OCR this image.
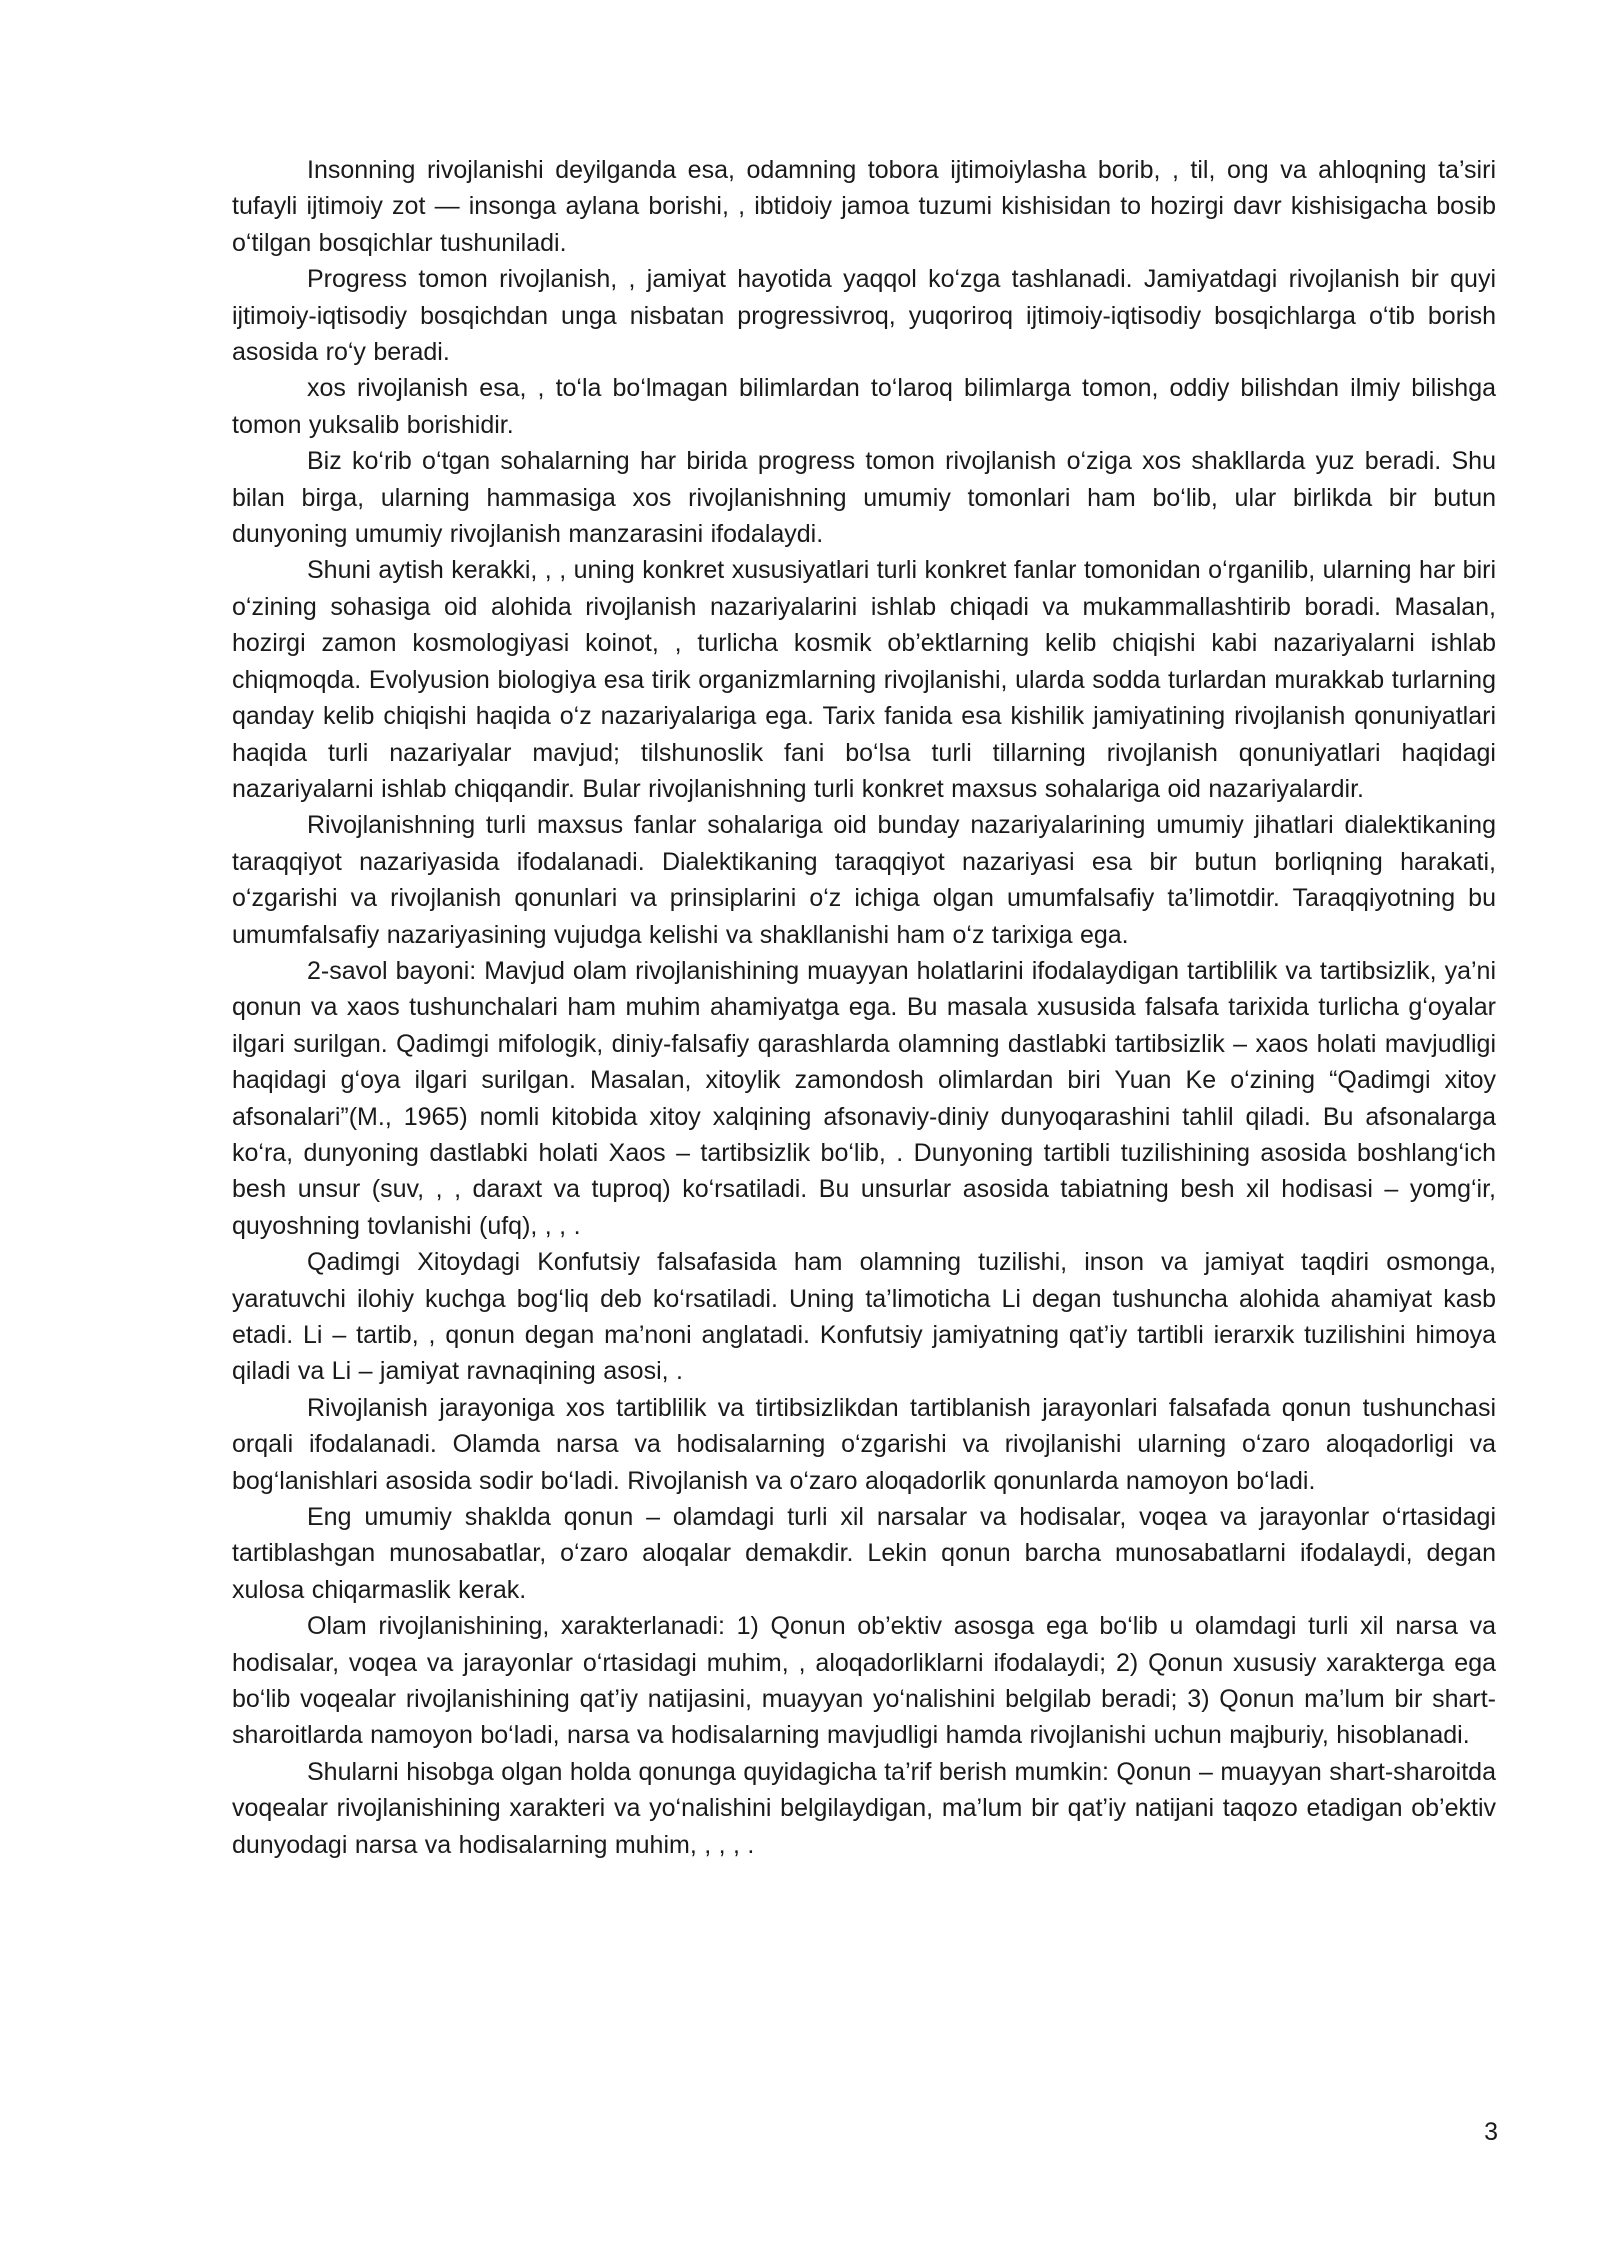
Insonning rivojlanishi deyilganda esa, odamning tobora ijtimoiylasha borib, , til, ong va ahloqning ta’siri tufayli ijtimoiy zot — insonga aylana borishi, , ibtidoiy jamoa tuzumi kishisidan to hozirgi davr kishisigacha bosib o‘tilgan bosqichlar tushuniladi.

Progress tomon rivojlanish, , jamiyat hayotida yaqqol ko‘zga tashlanadi. Jamiyatdagi rivojlanish bir quyi ijtimoiy-iqtisodiy bosqichdan unga nisbatan progressivroq, yuqoriroq ijtimoiy-iqtisodiy bosqichlarga o‘tib borish asosida ro‘y beradi.

xos rivojlanish esa, , to‘la bo‘lmagan bilimlardan to‘laroq bilimlarga tomon, oddiy bilishdan ilmiy bilishga tomon yuksalib borishidir.

Biz ko‘rib o‘tgan sohalarning har birida progress tomon rivojlanish o‘ziga xos shakllarda yuz beradi. Shu bilan birga, ularning hammasiga xos rivojlanishning umumiy tomonlari ham bo‘lib, ular birlikda bir butun dunyoning umumiy rivojlanish manzarasini ifodalaydi.

Shuni aytish kerakki, , , uning konkret xususiyatlari turli konkret fanlar tomonidan o‘rganilib, ularning har biri o‘zining sohasiga oid alohida rivojlanish nazariyalarini ishlab chiqadi va mukammallashtirib boradi. Masalan, hozirgi zamon kosmologiyasi koinot, , turlicha kosmik ob’ektlarning kelib chiqishi kabi nazariyalarni ishlab chiqmoqda. Evolyusion biologiya esa tirik organizmlarning rivojlanishi, ularda sodda turlardan murakkab turlarning qanday kelib chiqishi haqida o‘z nazariyalariga ega. Tarix fanida esa kishilik jamiyatining rivojlanish qonuniyatlari haqida turli nazariyalar mavjud; tilshunoslik fani bo‘lsa turli tillarning rivojlanish qonuniyatlari haqidagi nazariyalarni ishlab chiqqandir. Bular rivojlanishning turli konkret maxsus sohalariga oid nazariyalardir.

Rivojlanishning turli maxsus fanlar sohalariga oid bunday nazariyalarining umumiy jihatlari dialektikaning taraqqiyot nazariyasida ifodalanadi. Dialektikaning taraqqiyot nazariyasi esa bir butun borliqning harakati, o‘zgarishi va rivojlanish qonunlari va prinsiplarini o‘z ichiga olgan umumfalsafiy ta’limotdir. Taraqqiyotning bu umumfalsafiy nazariyasining vujudga kelishi va shakllanishi ham o‘z tarixiga ega.

2-savol bayoni: Mavjud olam rivojlanishining muayyan holatlarini ifodalaydigan tartiblilik va tartibsizlik, ya’ni qonun va xaos tushunchalari ham muhim ahamiyatga ega. Bu masala xususida falsafa tarixida turlicha g‘oyalar ilgari surilgan. Qadimgi mifologik, diniy-falsafiy qarashlarda olamning dastlabki tartibsizlik – xaos holati mavjudligi haqidagi g‘oya ilgari surilgan. Masalan, xitoylik zamondosh olimlardan biri Yuan Ke o‘zining “Qadimgi xitoy afsonalari”(M., 1965) nomli kitobida xitoy xalqining afsonaviy-diniy dunyoqarashini tahlil qiladi. Bu afsonalarga ko‘ra, dunyoning dastlabki holati Xaos – tartibsizlik bo‘lib, . Dunyoning tartibli tuzilishining asosida boshlang‘ich besh unsur (suv, , , daraxt va tuproq) ko‘rsatiladi. Bu unsurlar asosida tabiatning besh xil hodisasi – yomg‘ir, quyoshning tovlanishi (ufq), , , .

Qadimgi Xitoydagi Konfutsiy falsafasida ham olamning tuzilishi, inson va jamiyat taqdiri osmonga, yaratuvchi ilohiy kuchga bog‘liq deb ko‘rsatiladi. Uning ta’limoticha Li degan tushuncha alohida ahamiyat kasb etadi. Li – tartib, , qonun degan ma’noni anglatadi. Konfutsiy jamiyatning qat’iy tartibli ierarxik tuzilishini himoya qiladi va Li – jamiyat ravnaqining asosi, .

Rivojlanish jarayoniga xos tartiblilik va tirtibsizlikdan tartiblanish jarayonlari falsafada qonun tushunchasi orqali ifodalanadi. Olamda narsa va hodisalarning o‘zgarishi va rivojlanishi ularning o‘zaro aloqadorligi va bog‘lanishlari asosida sodir bo‘ladi. Rivojlanish va o‘zaro aloqadorlik qonunlarda namoyon bo‘ladi.

Eng umumiy shaklda qonun – olamdagi turli xil narsalar va hodisalar, voqea va jarayonlar o‘rtasidagi tartiblashgan munosabatlar, o‘zaro aloqalar demakdir. Lekin qonun barcha munosabatlarni ifodalaydi, degan xulosa chiqarmaslik kerak.

Olam rivojlanishining, xarakterlanadi: 1) Qonun ob’ektiv asosga ega bo‘lib u olamdagi turli xil narsa va hodisalar, voqea va jarayonlar o‘rtasidagi muhim, , aloqadorliklarni ifodalaydi; 2) Qonun xususiy xarakterga ega bo‘lib voqealar rivojlanishining qat’iy natijasini, muayyan yo‘nalishini belgilab beradi; 3) Qonun ma’lum bir shart-sharoitlarda namoyon bo‘ladi, narsa va hodisalarning mavjudligi hamda rivojlanishi uchun majburiy, hisoblanadi.

Shularni hisobga olgan holda qonunga quyidagicha ta’rif berish mumkin: Qonun – muayyan shart-sharoitda voqealar rivojlanishining xarakteri va yo‘nalishini belgilaydigan, ma’lum bir qat’iy natijani taqozo etadigan ob’ektiv dunyodagi narsa va hodisalarning muhim, , , , .

3
